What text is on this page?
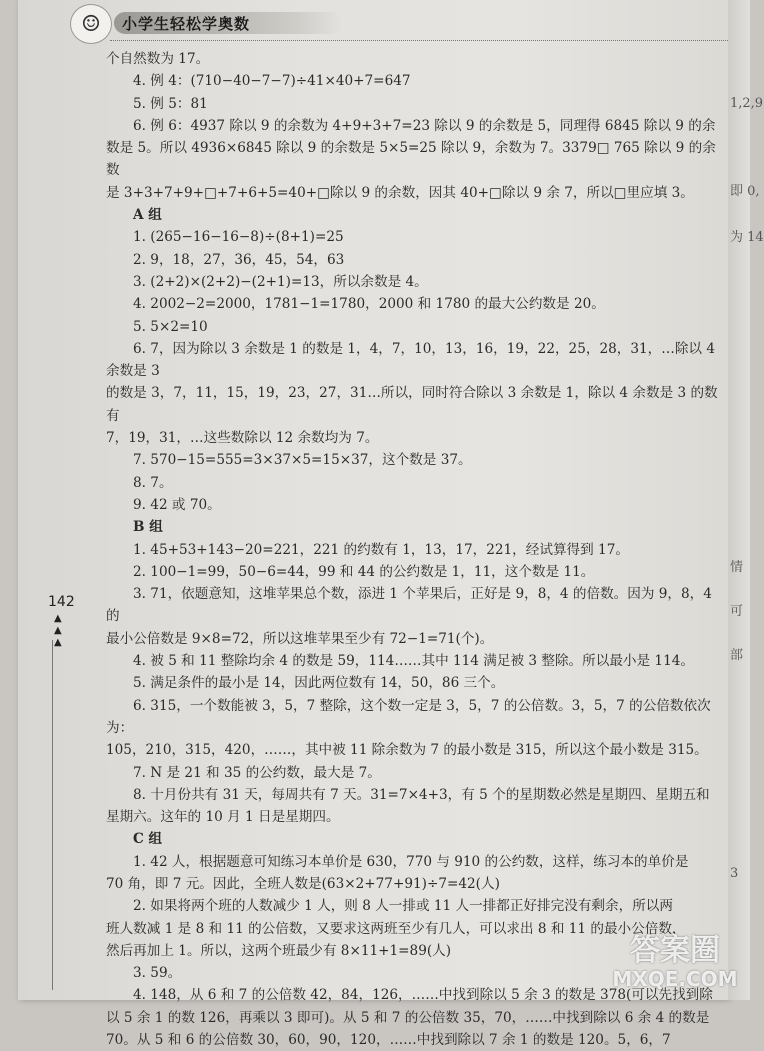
☺	小学生轻松学奥数
142
▲
▲
▲

个自然数为 17。

4. 例 4：(710−40−7−7)÷41×40+7=647

5. 例 5：81

6. 例 6：4937 除以 9 的余数为 4+9+3+7=23 除以 9 的余数是 5，同理得 6845 除以 9 的余

数是 5。所以 4936×6845 除以 9 的余数是 5×5=25 除以 9，余数为 7。3379□ 765 除以 9 的余数

是 3+3+7+9+□+7+6+5=40+□除以 9 的余数，因其 40+□除以 9 余 7，所以□里应填 3。

A 组

1. (265−16−16−8)÷(8+1)=25

2. 9，18，27，36，45，54，63

3. (2+2)×(2+2)−(2+1)=13，所以余数是 4。

4. 2002−2=2000，1781−1=1780，2000 和 1780 的最大公约数是 20。

5. 5×2=10

6. 7，因为除以 3 余数是 1 的数是 1，4，7，10，13，16，19，22，25，28，31，…除以 4 余数是 3

的数是 3，7，11，15，19，23，27，31…所以，同时符合除以 3 余数是 1，除以 4 余数是 3 的数有

7，19，31，…这些数除以 12 余数均为 7。

7. 570−15=555=3×37×5=15×37，这个数是 37。

8. 7。

9. 42 或 70。

B 组

1. 45+53+143−20=221，221 的约数有 1，13，17，221，经试算得到 17。

2. 100−1=99，50−6=44，99 和 44 的公约数是 1，11，这个数是 11。

3. 71，依题意知，这堆苹果总个数，添进 1 个苹果后，正好是 9，8，4 的倍数。因为 9，8，4 的

最小公倍数是 9×8=72，所以这堆苹果至少有 72−1=71(个)。

4. 被 5 和 11 整除均余 4 的数是 59，114……其中 114 满足被 3 整除。所以最小是 114。

5. 满足条件的最小是 14，因此两位数有 14，50，86 三个。

6. 315，一个数能被 3，5，7 整除，这个数一定是 3，5，7 的公倍数。3，5，7 的公倍数依次为：

105，210，315，420，……，其中被 11 除余数为 7 的最小数是 315，所以这个最小数是 315。

7. N 是 21 和 35 的公约数，最大是 7。

8. 十月份共有 31 天，每周共有 7 天。31=7×4+3，有 5 个的星期数必然是星期四、星期五和

星期六。这年的 10 月 1 日是星期四。

C 组

1. 42 人，根据题意可知练习本单价是 630，770 与 910 的公约数，这样，练习本的单价是

70 角，即 7 元。因此，全班人数是(63×2+77+91)÷7=42(人)

2. 如果将两个班的人数减少 1 人，则 8 人一排或 11 人一排都正好排完没有剩余，所以两

班人数减 1 是 8 和 11 的公倍数，又要求这两班至少有几人，可以求出 8 和 11 的最小公倍数，

然后再加上 1。所以，这两个班最少有 8×11+1=89(人)

3. 59。

4. 148，从 6 和 7 的公倍数 42，84，126，……中找到除以 5 余 3 的数是 378(可以先找到除

以 5 余 1 的数 126，再乘以 3 即可)。从 5 和 7 的公倍数 35，70，……中找到除以 6 余 4 的数是

70。从 5 和 6 的公倍数 30，60，90，120，……中找到除以 7 余 1 的数是 120。5，6，7

1,2,9
即 0,
为 14
情
可
部
3
答案圈
MXQE.COM
